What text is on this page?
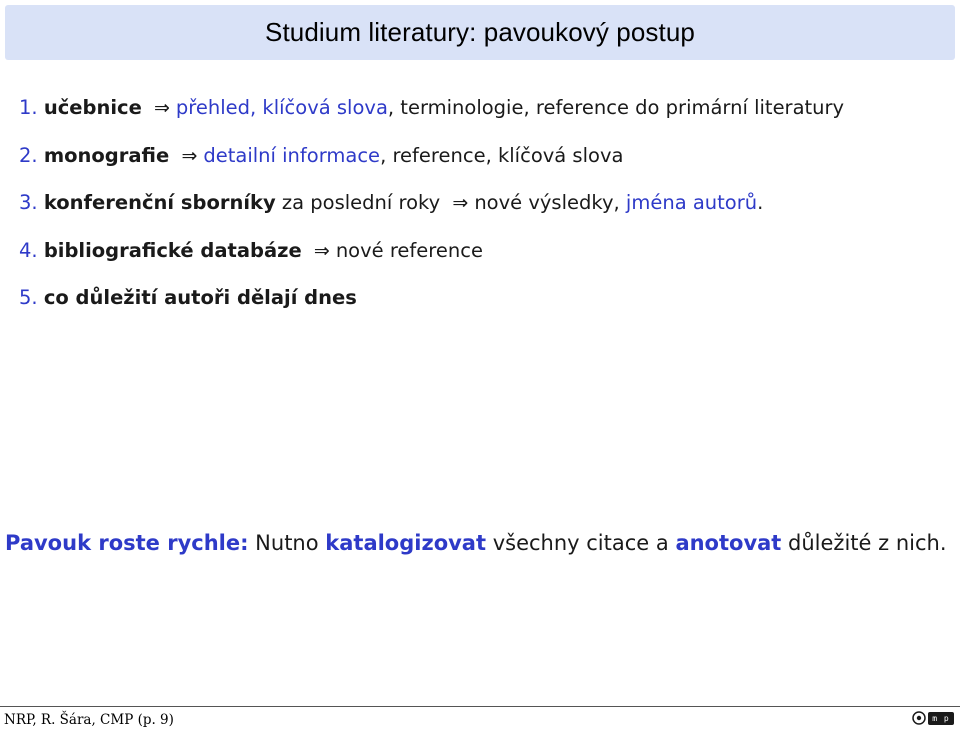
Studium literatury: pavoukový postup
1. učebnice ⇒ přehled, klíčová slova, terminologie, reference do primární literatury
2. monografie ⇒ detailní informace, reference, klíčová slova
3. konferenční sborníky za poslední roky ⇒ nové výsledky, jména autorů.
4. bibliografické databáze ⇒ nové reference
5. co důležití autoři dělají dnes

Pavouk roste rychle: Nutno katalogizovat všechny citace a anotovat důležité z nich.

NRP, R. Šára, CMP (p. 9)	m p
